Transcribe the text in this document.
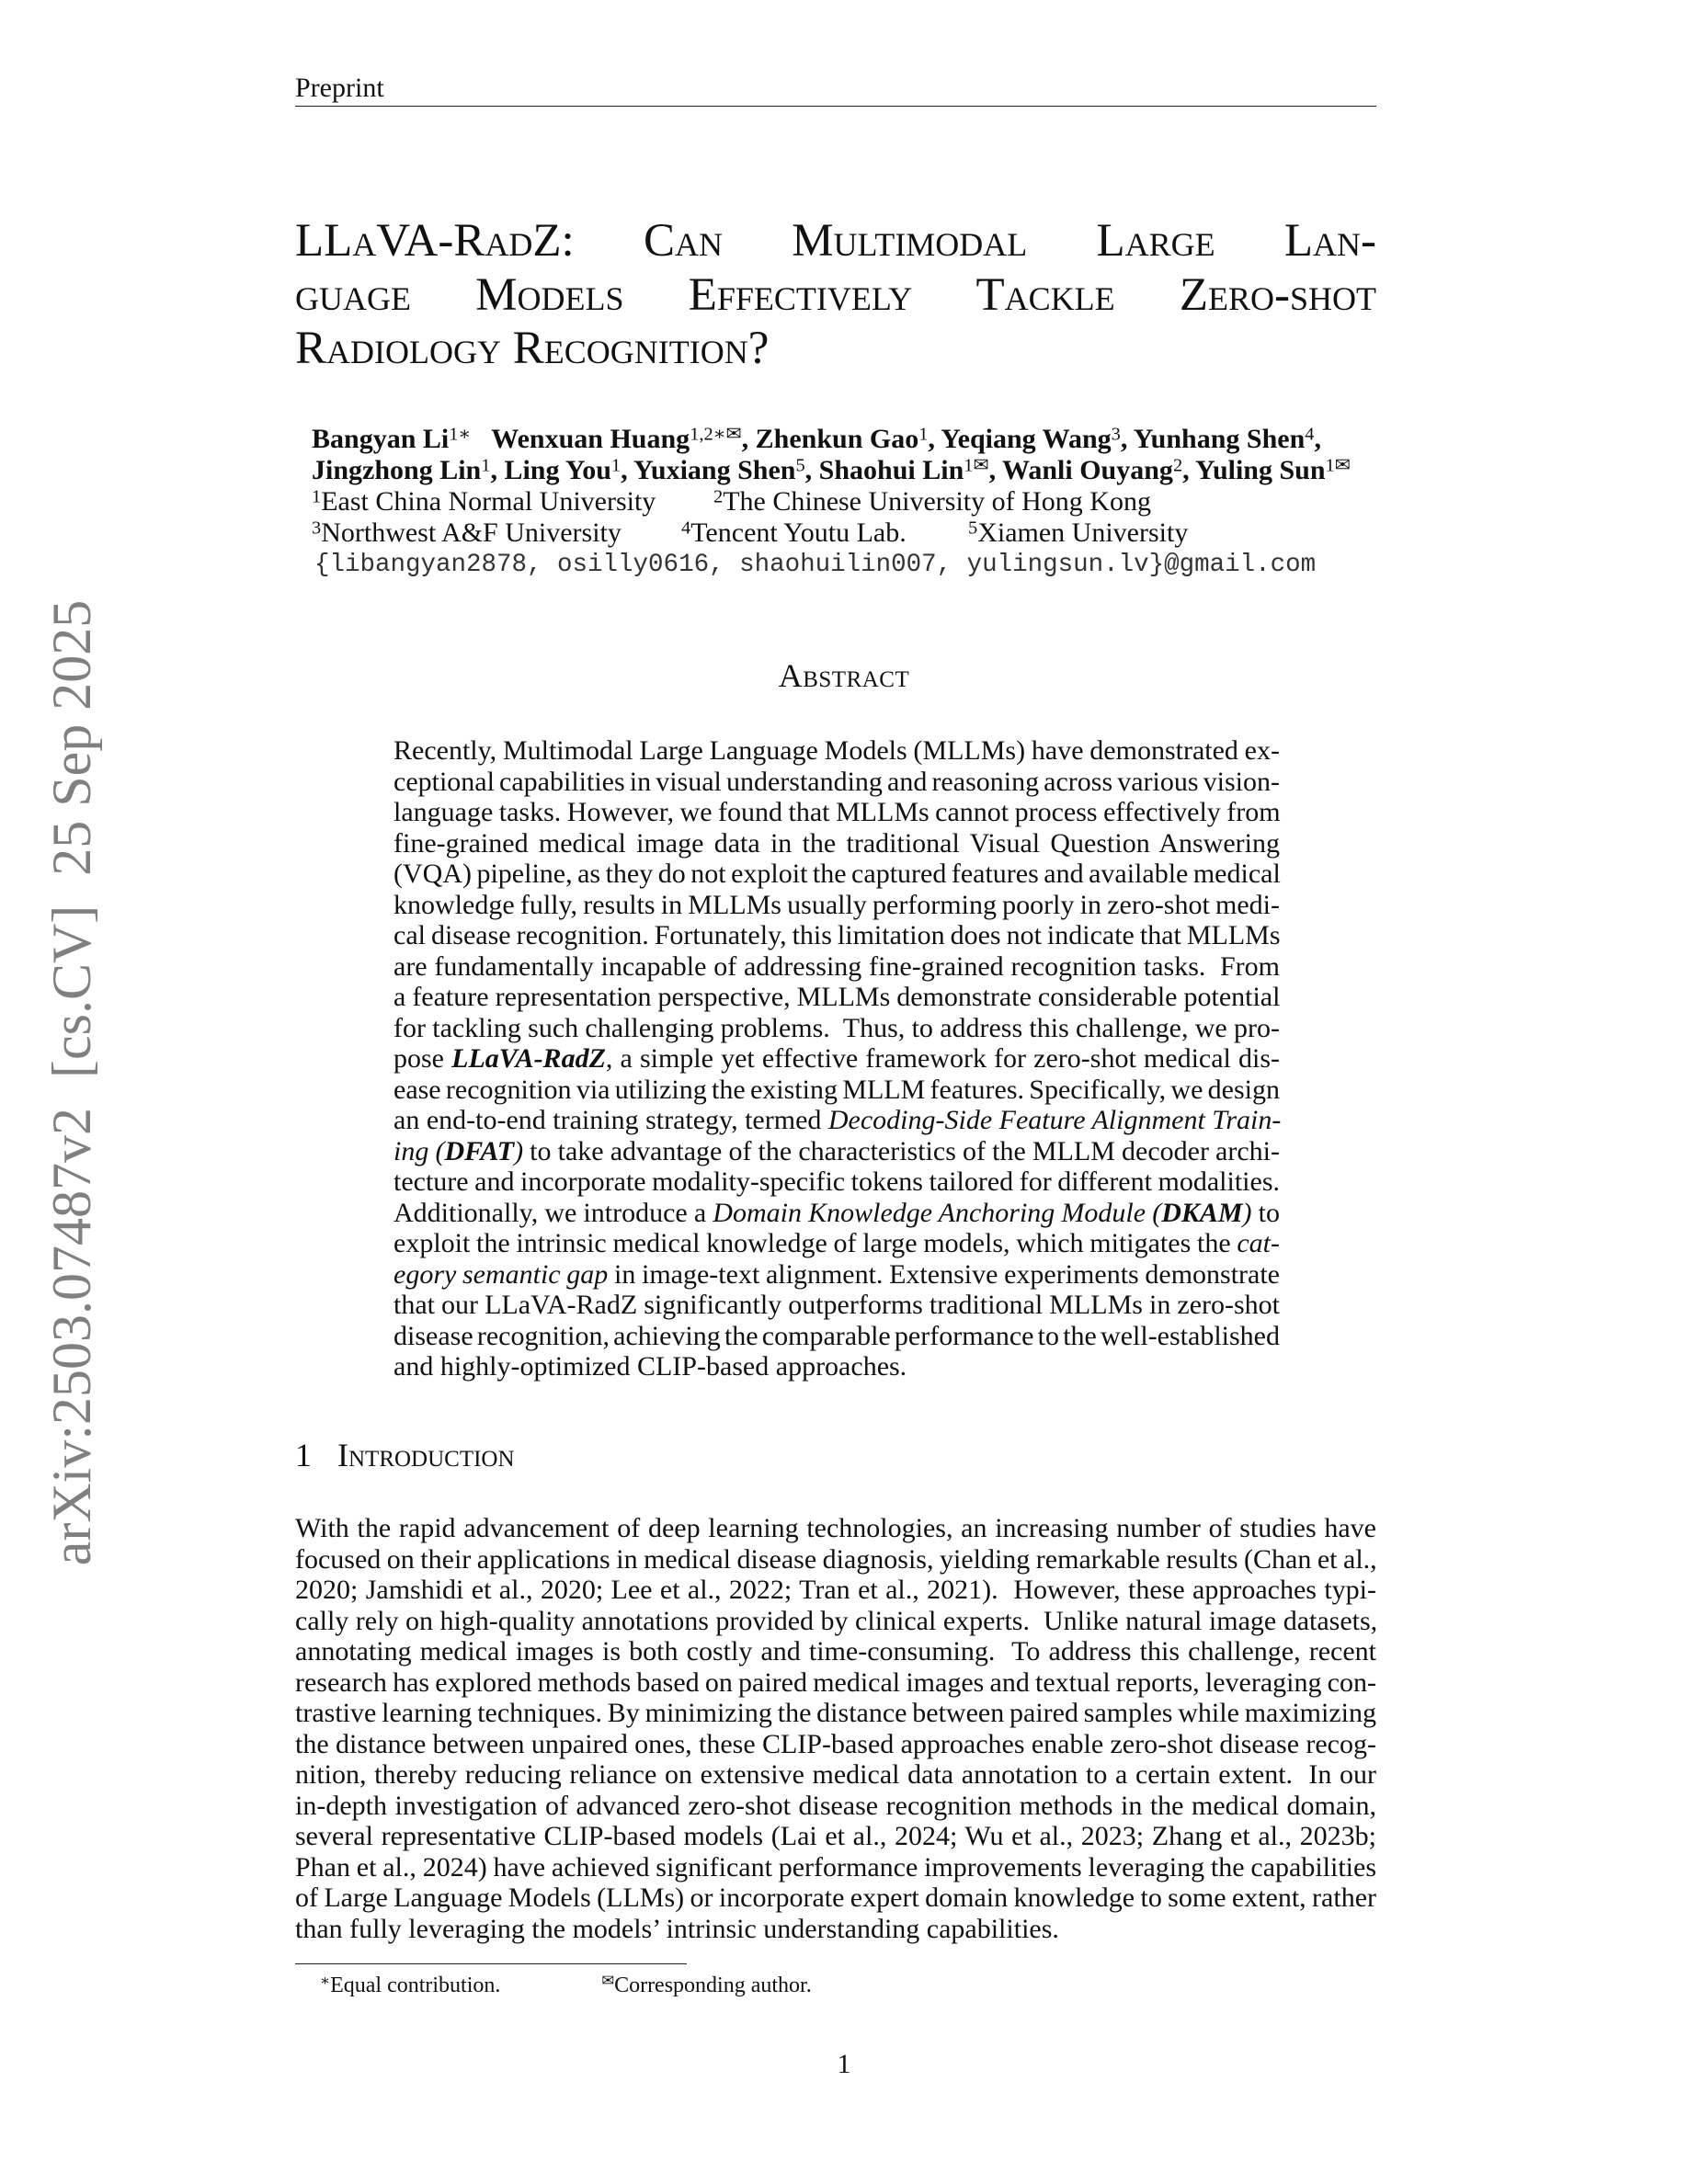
Preprint
arXiv:2503.07487v2[cs.CV]25 Sep 2025
LLaVA-RadZ: Can Multimodal Large Lan-
guage Models Effectively Tackle Zero-shot
Radiology Recognition?
Bangyan $Li^{1∗}$   Wenxuan Huang$^{1,2∗✉}$, Zhenkun Gao$^1$, Yeqiang Wang$^3$, Yunhang Shen$^4$,
Jingzhong Lin$^1$, Ling You$^1$, Yuxiang Shen$^5$, Shaohui Lin$^{1✉}$, Wanli Ouyang$^2$, Yuling Sun$^{1✉}$
$^1$East China Normal University	$^2$The Chinese University of Hong Kong
$^3$Northwest A&F University	$^4$Tencent Youtu Lab.	$^5$Xiamen University
{libangyan2878, osilly0616, shaohuilin007, yulingsun.lv}@gmail.com
Abstract
Recently, Multimodal Large Language Models (MLLMs) have demonstrated ex-
ceptional capabilities in visual understanding and reasoning across various vision-
language tasks. However, we found that MLLMs cannot process effectively from
fine-grained medical image data in the traditional Visual Question Answering
(VQA) pipeline, as they do not exploit the captured features and available medical
knowledge fully, results in MLLMs usually performing poorly in zero-shot medi-
cal disease recognition. Fortunately, this limitation does not indicate that MLLMs
are fundamentally incapable of addressing fine-grained recognition tasks.  From
a feature representation perspective, MLLMs demonstrate considerable potential
for tackling such challenging problems.  Thus, to address this challenge, we pro-
pose LLaVA-RadZ, a simple yet effective framework for zero-shot medical dis-
ease recognition via utilizing the existing MLLM features. Specifically, we design
an end-to-end training strategy, termed Decoding-Side Feature Alignment Train-
ing (DFAT) to take advantage of the characteristics of the MLLM decoder archi-
tecture and incorporate modality-specific tokens tailored for different modalities.
Additionally, we introduce a Domain Knowledge Anchoring Module (DKAM) to
exploit the intrinsic medical knowledge of large models, which mitigates the cat-
egory semantic gap in image-text alignment. Extensive experiments demonstrate
that our LLaVA-RadZ significantly outperforms traditional MLLMs in zero-shot
disease recognition, achieving the comparable performance to the well-established
and highly-optimized CLIP-based approaches.
1 Introduction
With the rapid advancement of deep learning technologies, an increasing number of studies have
focused on their applications in medical disease diagnosis, yielding remarkable results (Chan et al.,
2020; Jamshidi et al., 2020; Lee et al., 2022; Tran et al., 2021).  However, these approaches typi-
cally rely on high-quality annotations provided by clinical experts.  Unlike natural image datasets,
annotating medical images is both costly and time-consuming.  To address this challenge, recent
research has explored methods based on paired medical images and textual reports, leveraging con-
trastive learning techniques. By minimizing the distance between paired samples while maximizing
the distance between unpaired ones, these CLIP-based approaches enable zero-shot disease recog-
nition, thereby reducing reliance on extensive medical data annotation to a certain extent.  In our
in-depth investigation of advanced zero-shot disease recognition methods in the medical domain,
several representative CLIP-based models (Lai et al., 2024; Wu et al., 2023; Zhang et al., 2023b;
Phan et al., 2024) have achieved significant performance improvements leveraging the capabilities
of Large Language Models (LLMs) or incorporate expert domain knowledge to some extent, rather
than fully leveraging the models’ intrinsic understanding capabilities.
∗Equal contribution.	✉Corresponding author.
1
